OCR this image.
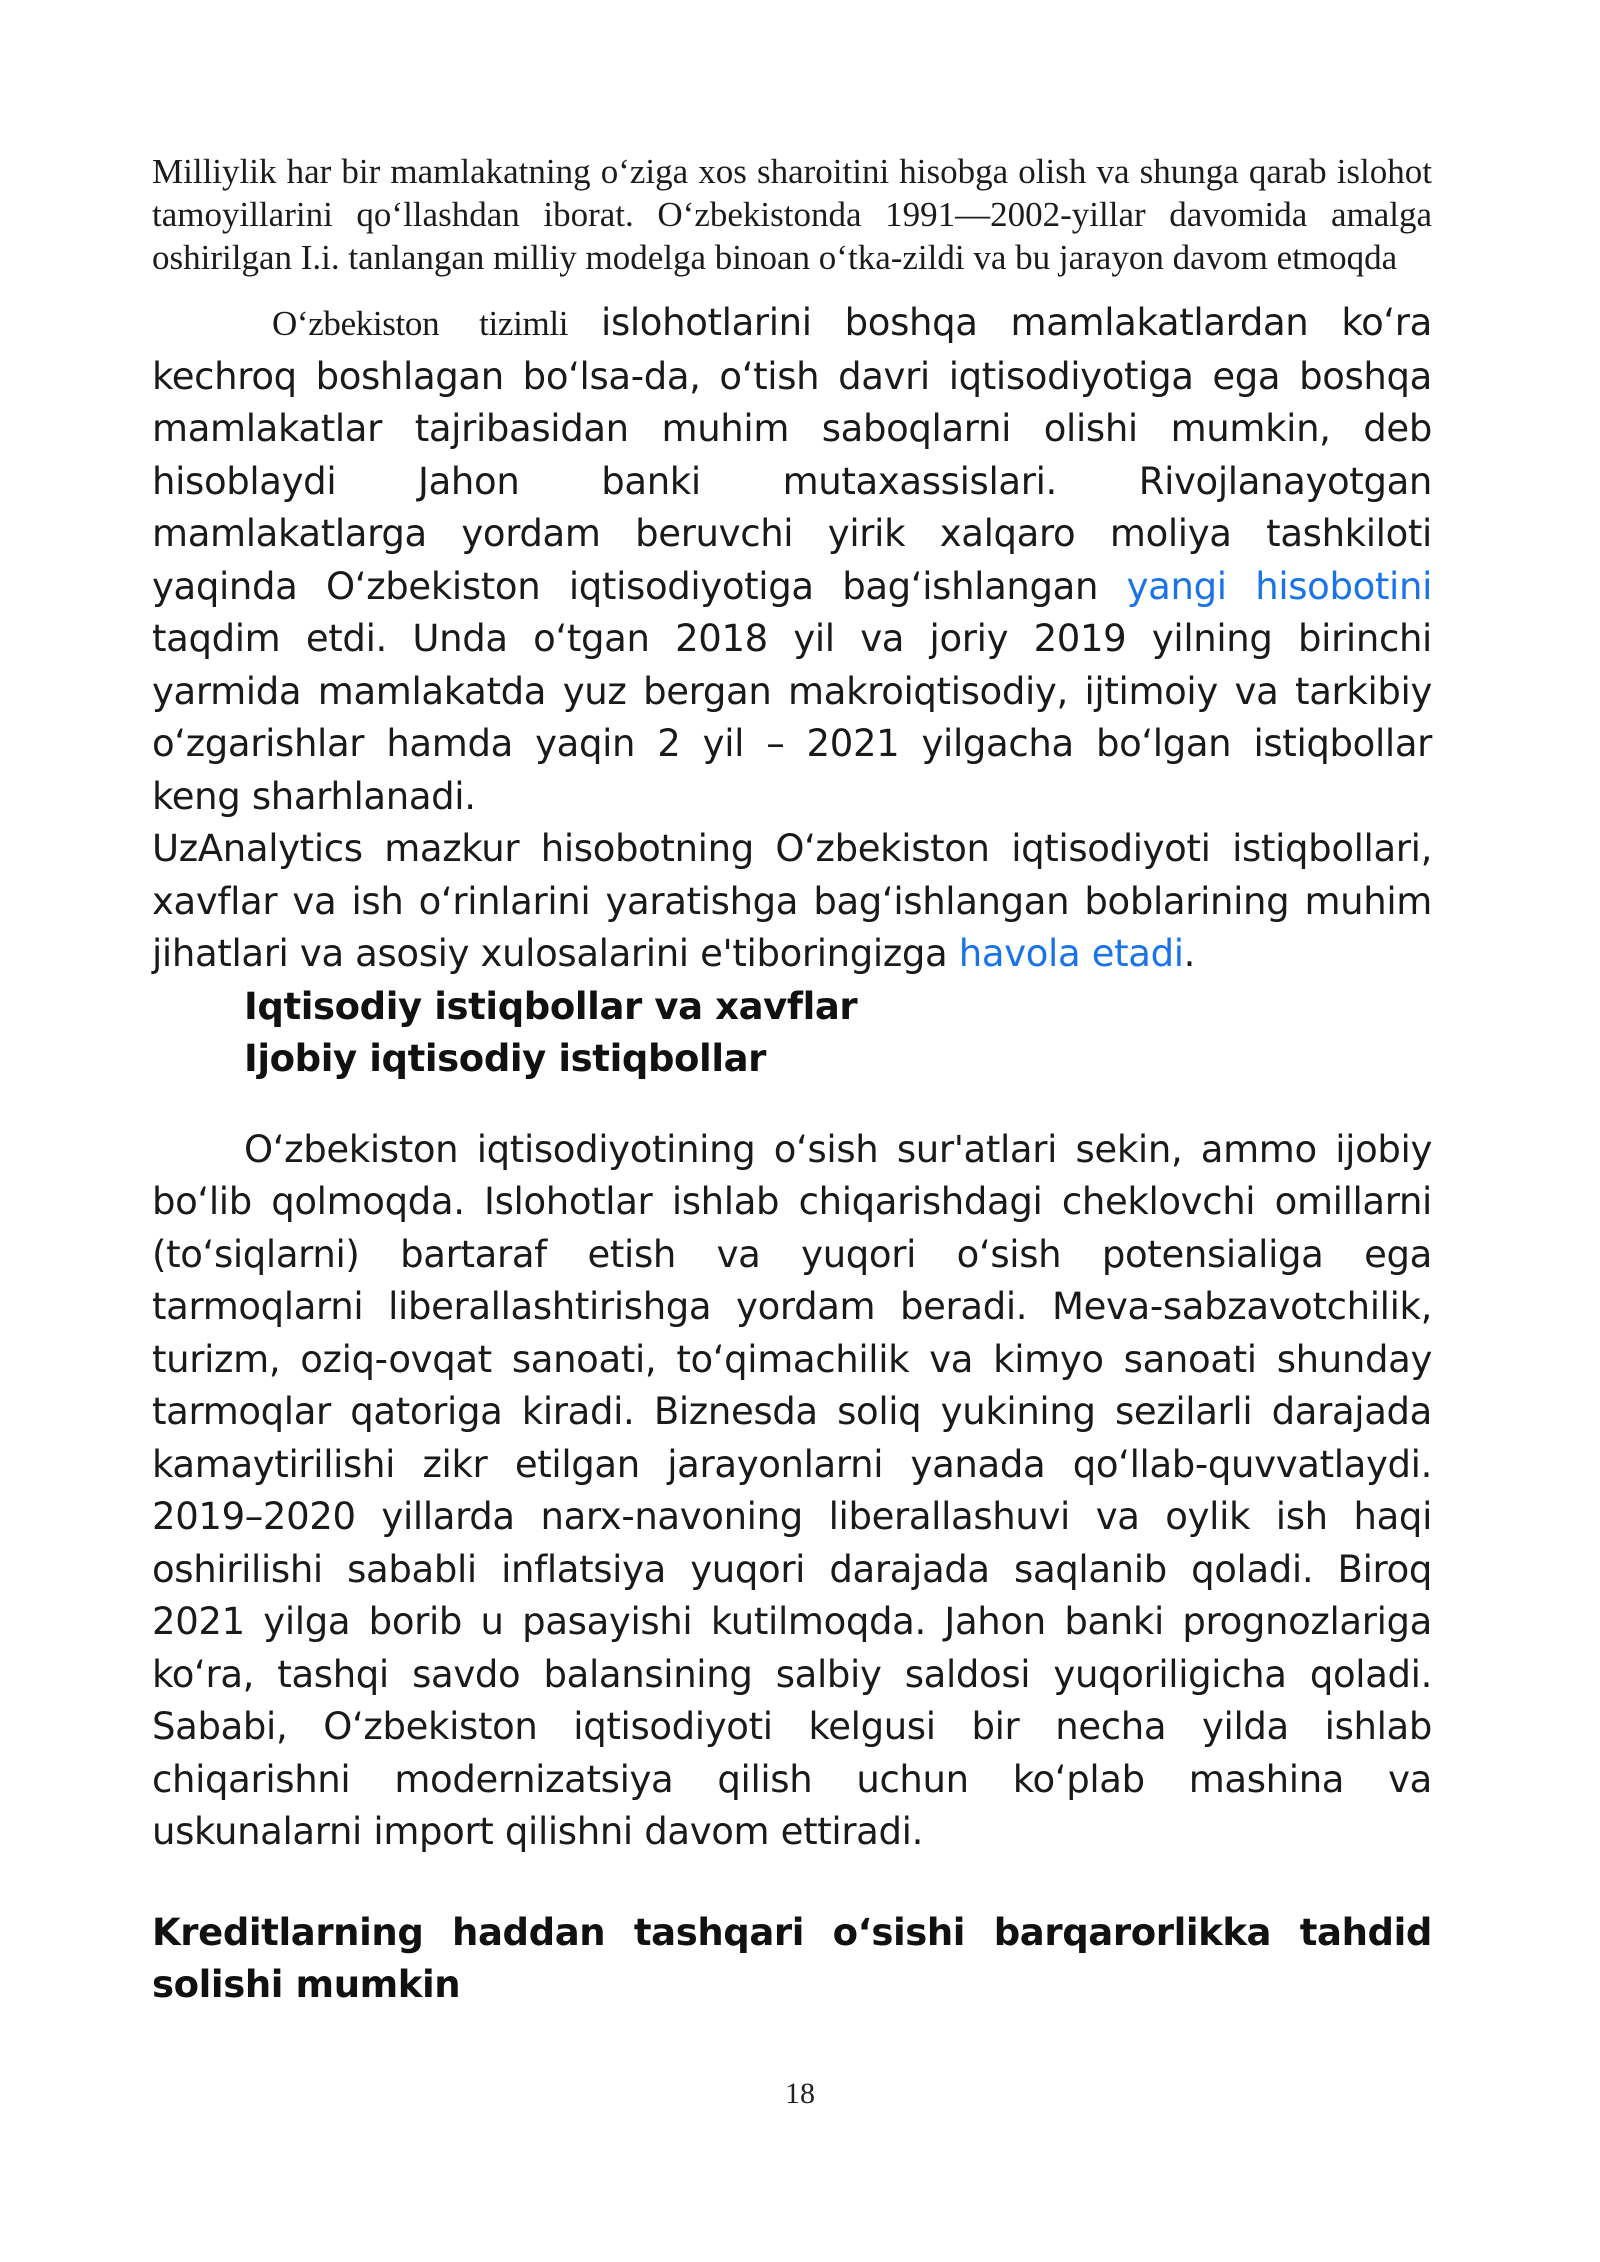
Milliylik har bir mamlakatning o‘ziga xos sharoitini hisobga olish va shunga qarab islohot tamoyillarini qo‘llashdan iborat. O‘zbekistonda 1991—2002-yillar davomida amalga oshirilgan I.i. tanlangan milliy modelga binoan o‘tka-zildi va bu jarayon davom etmoqda

O‘zbekiston tizimli islohotlarini boshqa mamlakatlardan ko‘ra kechroq boshlagan bo‘lsa-da, o‘tish davri iqtisodiyotiga ega boshqa mamlakatlar tajribasidan muhim saboqlarni olishi mumkin, deb hisoblaydi Jahon banki mutaxassislari. Rivojlanayotgan mamlakatlarga yordam beruvchi yirik xalqaro moliya tashkiloti yaqinda O‘zbekiston iqtisodiyotiga bag‘ishlangan yangi hisobotini taqdim etdi. Unda o‘tgan 2018 yil va joriy 2019 yilning birinchi yarmida mamlakatda yuz bergan makroiqtisodiy, ijtimoiy va tarkibiy o‘zgarishlar hamda yaqin 2 yil – 2021 yilgacha bo‘lgan istiqbollar keng sharhlanadi.

UzAnalytics mazkur hisobotning O‘zbekiston iqtisodiyoti istiqbollari, xavflar va ish o‘rinlarini yaratishga bag‘ishlangan boblarining muhim jihatlari va asosiy xulosalarini e'tiboringizga havola etadi.

Iqtisodiy istiqbollar va xavflar
Ijobiy iqtisodiy istiqbollar

O‘zbekiston iqtisodiyotining o‘sish sur'atlari sekin, ammo ijobiy bo‘lib qolmoqda. Islohotlar ishlab chiqarishdagi cheklovchi omillarni (to‘siqlarni) bartaraf etish va yuqori o‘sish potensialiga ega tarmoqlarni liberallashtirishga yordam beradi. Meva-sabzavotchilik, turizm, oziq-ovqat sanoati, to‘qimachilik va kimyo sanoati shunday tarmoqlar qatoriga kiradi. Biznesda soliq yukining sezilarli darajada kamaytirilishi zikr etilgan jarayonlarni yanada qo‘llab-quvvatlaydi. 2019–2020 yillarda narx-navoning liberallashuvi va oylik ish haqi oshirilishi sababli inflatsiya yuqori darajada saqlanib qoladi. Biroq 2021 yilga borib u pasayishi kutilmoqda. Jahon banki prognozlariga ko‘ra, tashqi savdo balansining salbiy saldosi yuqoriligicha qoladi. Sababi, O‘zbekiston iqtisodiyoti kelgusi bir necha yilda ishlab chiqarishni modernizatsiya qilish uchun ko‘plab mashina va uskunalarni import qilishni davom ettiradi.

Kreditlarning haddan tashqari o‘sishi barqarorlikka tahdid solishi mumkin
18
